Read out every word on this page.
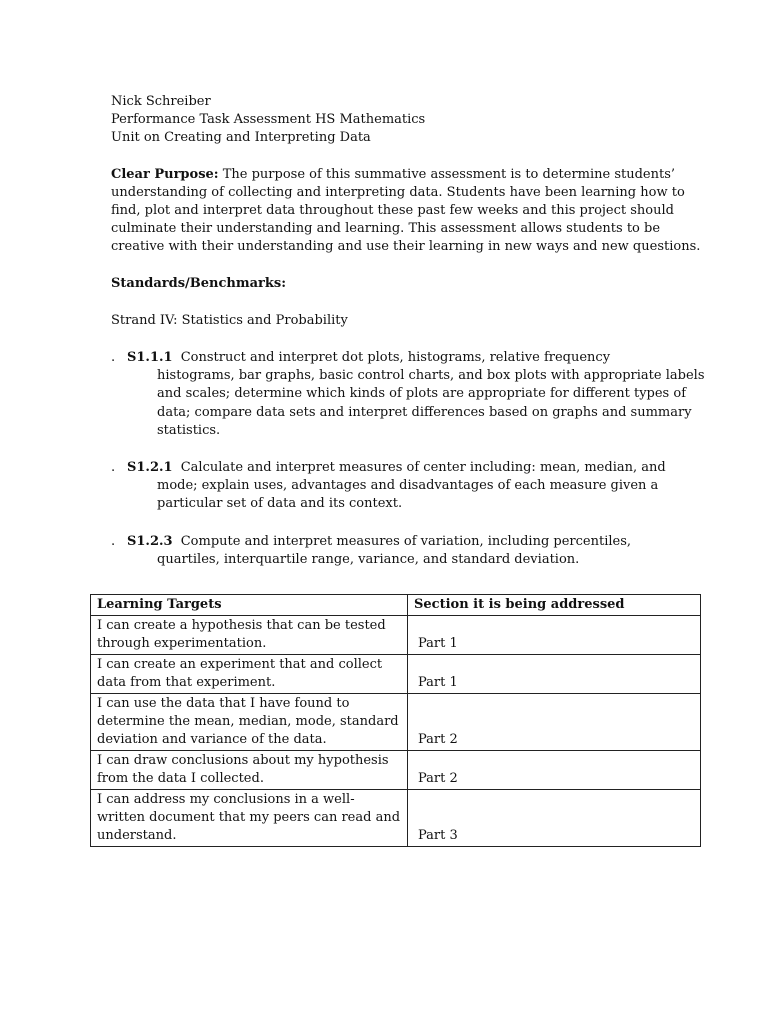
Nick Schreiber
Performance Task Assessment HS Mathematics
Unit on Creating and Interpreting Data
Clear Purpose: The purpose of this summative assessment is to determine students’ understanding of collecting and interpreting data. Students have been learning how to find, plot and interpret data throughout these past few weeks and this project should culminate their understanding and learning. This assessment allows students to be creative with their understanding and use their learning in new ways and new questions.
Standards/Benchmarks:
Strand IV: Statistics and Probability
. S1.1.1 Construct and interpret dot plots, histograms, relative frequency
histograms, bar graphs, basic control charts, and box plots with appropriate labels and scales; determine which kinds of plots are appropriate for different types of data; compare data sets and interpret differences based on graphs and summary statistics.
. S1.2.1 Calculate and interpret measures of center including: mean, median, and
mode; explain uses, advantages and disadvantages of each measure given a particular set of data and its context.
. S1.2.3 Compute and interpret measures of variation, including percentiles,
quartiles, interquartile range, variance, and standard deviation.
Learning Targets	Section it is being addressed
I can create a hypothesis that can be tested through experimentation.	Part 1
I can create an experiment that and collect data from that experiment.	Part 1
I can use the data that I have found to determine the mean, median, mode, standard deviation and variance of the data.	Part 2
I can draw conclusions about my hypothesis from the data I collected.	Part 2
I can address my conclusions in a well-written document that my peers can read and understand.	Part 3
